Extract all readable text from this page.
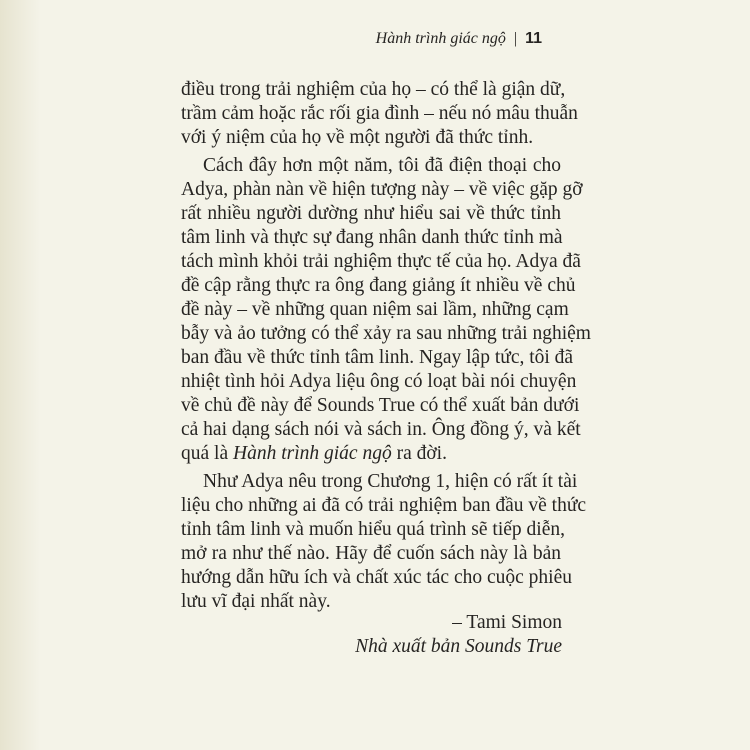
Hành trình giác ngộ | 11
điều trong trải nghiệm của họ – có thể là giận dữ,
trầm cảm hoặc rắc rối gia đình – nếu nó mâu thuẫn
với ý niệm của họ về một người đã thức tỉnh.
Cách đây hơn một năm, tôi đã điện thoại cho
Adya, phàn nàn về hiện tượng này – về việc gặp gỡ
rất nhiều người dường như hiểu sai về thức tỉnh
tâm linh và thực sự đang nhân danh thức tỉnh mà
tách mình khỏi trải nghiệm thực tế của họ. Adya đã
đề cập rằng thực ra ông đang giảng ít nhiều về chủ
đề này – về những quan niệm sai lầm, những cạm
bẫy và ảo tưởng có thể xảy ra sau những trải nghiệm
ban đầu về thức tỉnh tâm linh. Ngay lập tức, tôi đã
nhiệt tình hỏi Adya liệu ông có loạt bài nói chuyện
về chủ đề này để Sounds True có thể xuất bản dưới
cả hai dạng sách nói và sách in. Ông đồng ý, và kết
quá là Hành trình giác ngộ ra đời.
Như Adya nêu trong Chương 1, hiện có rất ít tài
liệu cho những ai đã có trải nghiệm ban đầu về thức
tỉnh tâm linh và muốn hiểu quá trình sẽ tiếp diễn,
mở ra như thế nào. Hãy để cuốn sách này là bản
hướng dẫn hữu ích và chất xúc tác cho cuộc phiêu
lưu vĩ đại nhất này.
– Tami Simon
Nhà xuất bản Sounds True
